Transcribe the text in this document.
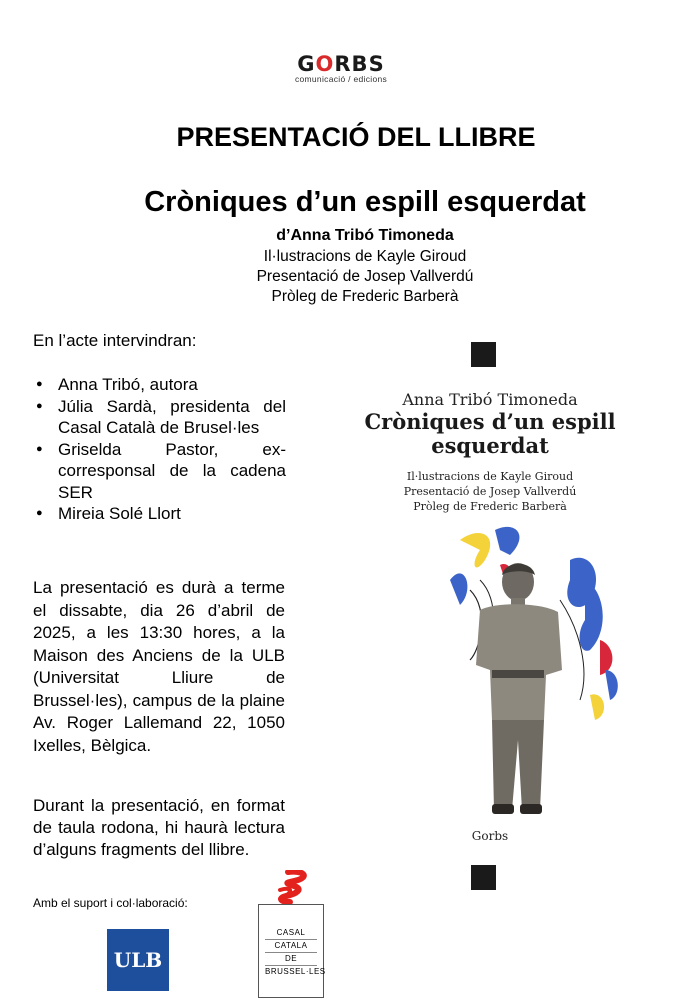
GORBS
comunicació / edicions
PRESENTACIÓ DEL LLIBRE
Cròniques d’un espill esquerdat
d’Anna Tribó Timoneda
Il·lustracions de Kayle Giroud
Presentació de Josep Vallverdú
Pròleg de Frederic Barberà
En l’acte intervindran:
● Anna Tribó, autora
● Júlia Sardà, presidenta del Casal Català de Brusel·les
● Griselda Pastor, ex-corresponsal de la cadena SER
● Mireia Solé Llort
La presentació es durà a terme el dissabte, dia 26 d’abril de 2025, a les 13:30 hores, a la Maison des Anciens de la ULB (Universitat Lliure de Brussel·les), campus de la plaine Av. Roger Lallemand 22, 1050 Ixelles, Bèlgica.
Durant la presentació, en format de taula rodona, hi haurà lectura d’alguns fragments del llibre.
Amb el suport i col·laboració:
ULB
CASAL
CATALA
DE
BRUSSEL·LES
Anna Tribó Timoneda
Cròniques d’un espill
esquerdat
Il·lustracions de Kayle Giroud
Presentació de Josep Vallverdú
Pròleg de Frederic Barberà
Gorbs
